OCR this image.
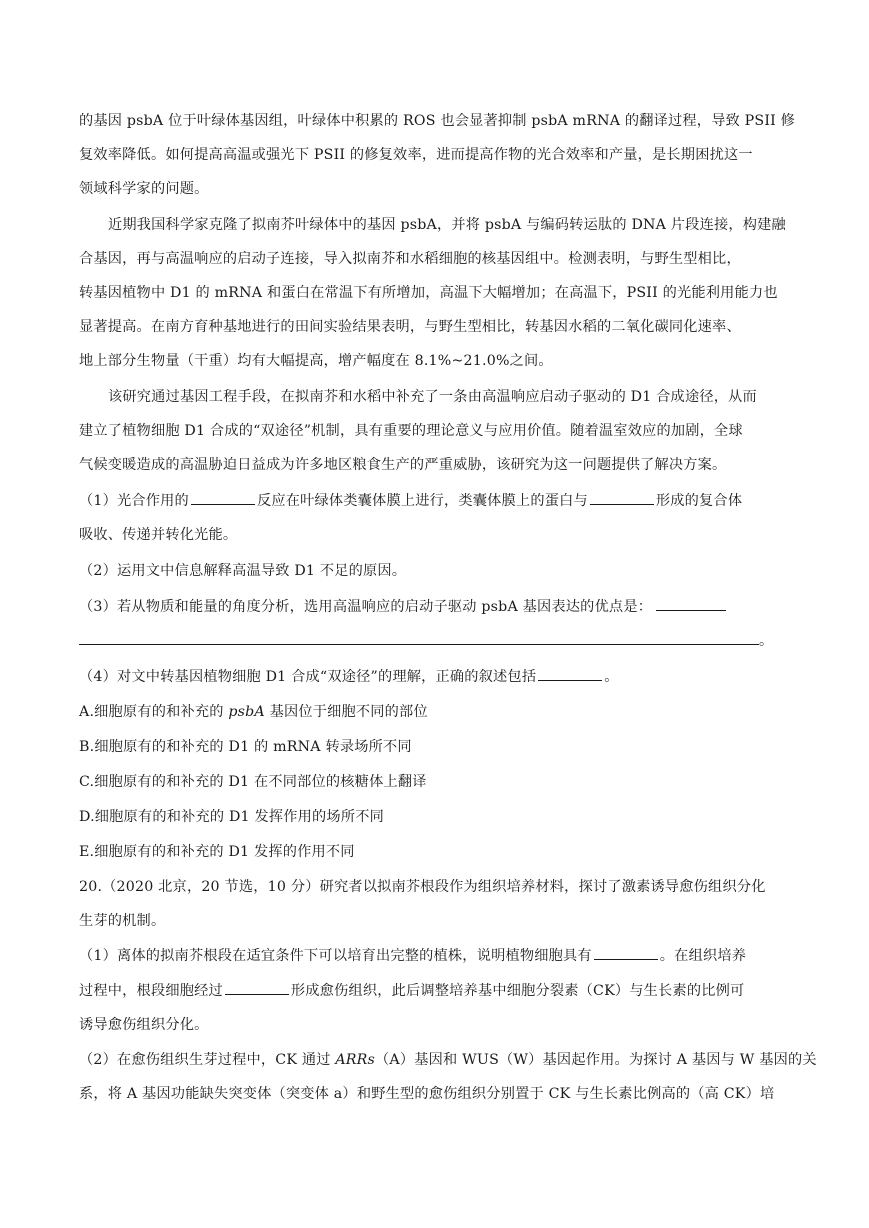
的基因 psbA 位于叶绿体基因组，叶绿体中积累的 ROS 也会显著抑制 psbA mRNA 的翻译过程，导致 PSII 修
复效率降低。如何提高高温或强光下 PSII 的修复效率，进而提高作物的光合效率和产量，是长期困扰这一
领域科学家的问题。
近期我国科学家克隆了拟南芥叶绿体中的基因 psbA，并将 psbA 与编码转运肽的 DNA 片段连接，构建融
合基因，再与高温响应的启动子连接，导入拟南芥和水稻细胞的核基因组中。检测表明，与野生型相比，
转基因植物中 D1 的 mRNA 和蛋白在常温下有所增加，高温下大幅增加；在高温下，PSII 的光能利用能力也
显著提高。在南方育种基地进行的田间实验结果表明，与野生型相比，转基因水稻的二氧化碳同化速率、
地上部分生物量（干重）均有大幅提高，增产幅度在 8.1%~21.0%之间。
该研究通过基因工程手段，在拟南芥和水稻中补充了一条由高温响应启动子驱动的 D1 合成途径，从而
建立了植物细胞 D1 合成的“双途径”机制，具有重要的理论意义与应用价值。随着温室效应的加剧，全球
气候变暖造成的高温胁迫日益成为许多地区粮食生产的严重威胁，该研究为这一问题提供了解决方案。
（1）光合作用的	反应在叶绿体类囊体膜上进行，类囊体膜上的蛋白与	形成的复合体
吸收、传递并转化光能。
（2）运用文中信息解释高温导致 D1 不足的原因。
（3）若从物质和能量的角度分析，选用高温响应的启动子驱动 psbA 基因表达的优点是：
。
（4）对文中转基因植物细胞 D1 合成“双途径”的理解，正确的叙述包括	。
A.细胞原有的和补充的 psbA 基因位于细胞不同的部位
B.细胞原有的和补充的 D1 的 mRNA 转录场所不同
C.细胞原有的和补充的 D1 在不同部位的核糖体上翻译
D.细胞原有的和补充的 D1 发挥作用的场所不同
E.细胞原有的和补充的 D1 发挥的作用不同
20.（2020 北京，20 节选，10 分）研究者以拟南芥根段作为组织培养材料，探讨了激素诱导愈伤组织分化
生芽的机制。
（1）离体的拟南芥根段在适宜条件下可以培育出完整的植株，说明植物细胞具有	。在组织培养
过程中，根段细胞经过	形成愈伤组织，此后调整培养基中细胞分裂素（CK）与生长素的比例可
诱导愈伤组织分化。
（2）在愈伤组织生芽过程中，CK 通过 ARRs（A）基因和 WUS（W）基因起作用。为探讨 A 基因与 W 基因的关
系，将 A 基因功能缺失突变体（突变体 a）和野生型的愈伤组织分别置于 CK 与生长素比例高的（高 CK）培
